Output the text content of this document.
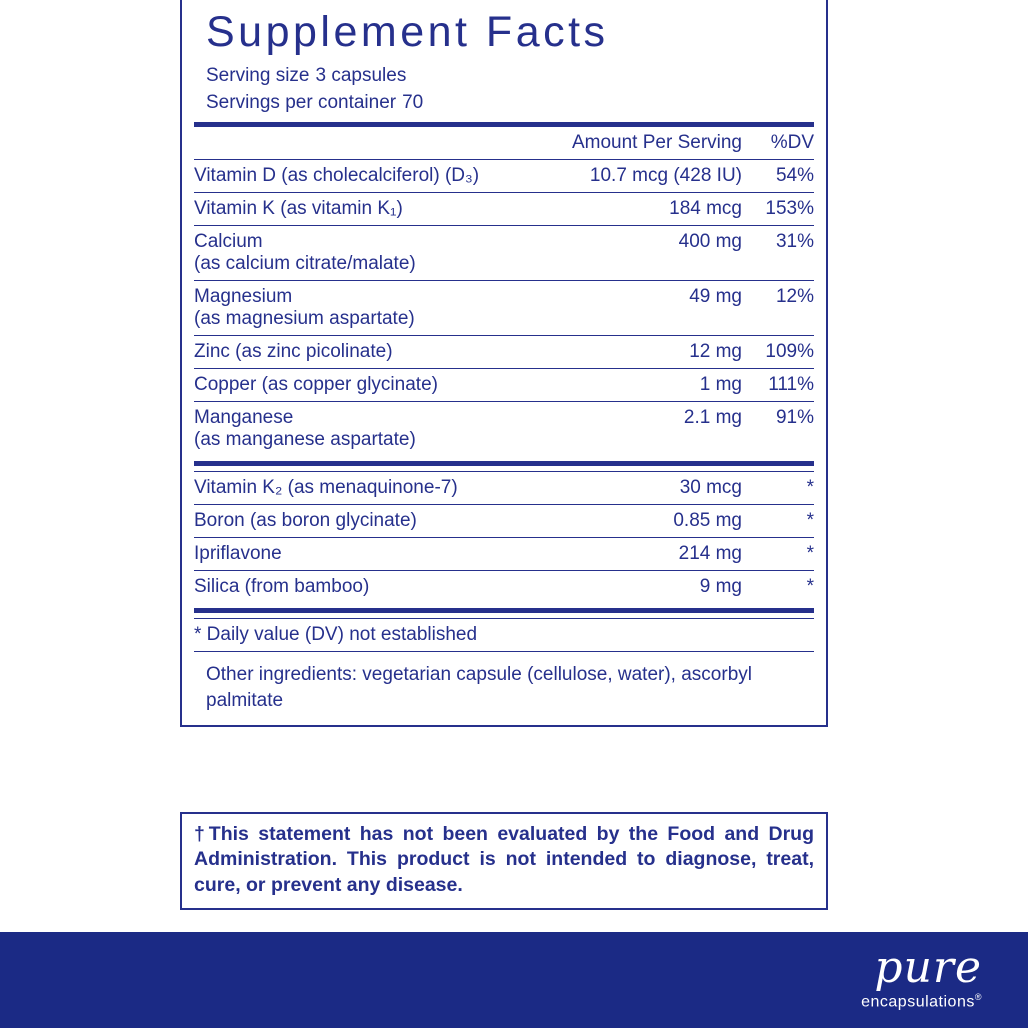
Supplement Facts
Serving size 3 capsules
Servings per container 70
	Amount Per Serving	%DV
Vitamin D (as cholecalciferol) (D₃)	10.7 mcg (428 IU)	54%
Vitamin K (as vitamin K₁)	184 mcg	153%
Calcium
(as calcium citrate/malate)	400 mg	31%
Magnesium
(as magnesium aspartate)	49 mg	12%
Zinc (as zinc picolinate)	12 mg	109%
Copper (as copper glycinate)	1 mg	111%
Manganese
(as manganese aspartate)	2.1 mg	91%

Vitamin K₂ (as menaquinone-7)	30 mcg	*
Boron (as boron glycinate)	0.85 mg	*
Ipriflavone	214 mg	*
Silica (from bamboo)	9 mg	*

* Daily value (DV) not established		
Other ingredients: vegetarian capsule (cellulose, water), ascorbyl palmitate
†This statement has not been evaluated by the Food and Drug Administration. This product is not intended to diagnose, treat, cure, or prevent any disease.
pure
encapsulations®
